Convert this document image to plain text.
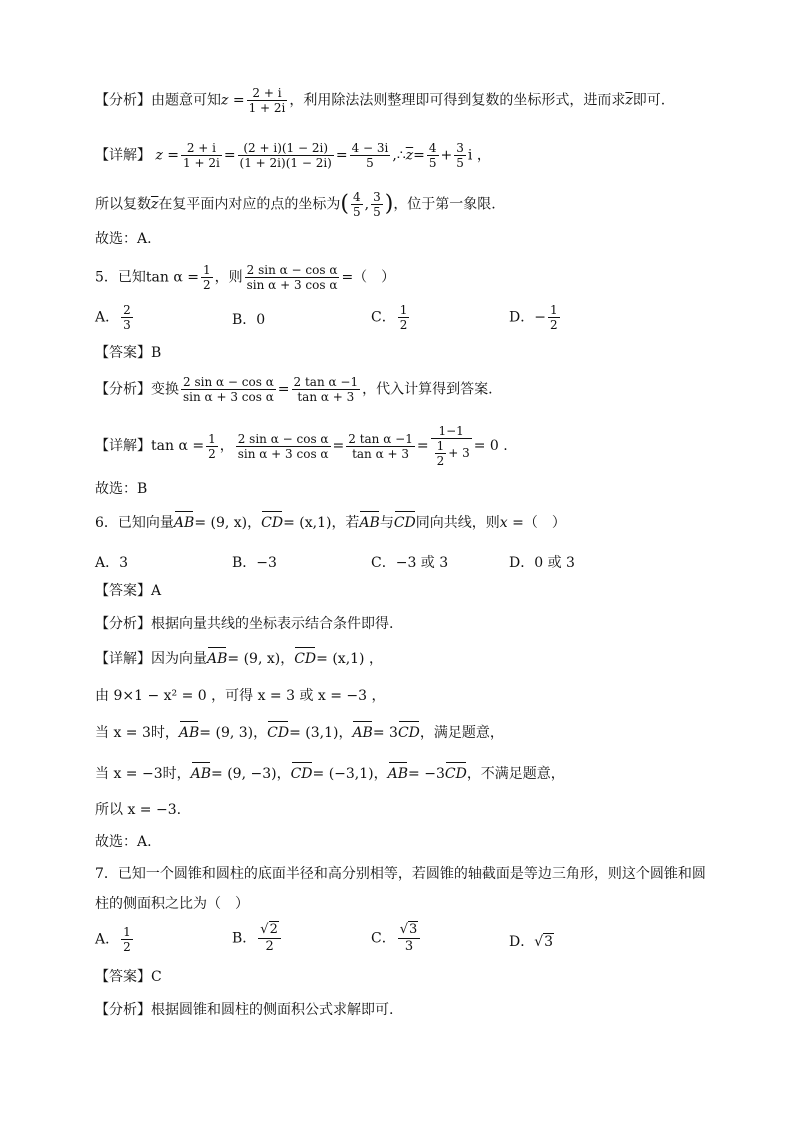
【分析】由题意可知$z = \frac{2 + i}{1 + 2i}$ ，利用除法法则整理即可得到复数的坐标形式，进而求$\overline{z}$即可.
【详解】 $z = \frac{2 + i}{1 + 2i} = \frac{(2 + i)(1 - 2i)}{(1 + 2i)(1 - 2i)} = \frac{4 - 3i}{5}$ $,\therefore\overline{z}= \frac{4}{5} + \frac{3}{5}$ i ，
所以复数$\overline{z}$在复平面内对应的点的坐标为( $\frac{4}{5}$ , $\frac{3}{5}$ )，位于第一象限.
故选：A.
5．已知$\tan \alpha = \frac{1}{2}$ ，则 $\frac{\text{2 sin α − cos α}}{\text{sin α + 3 cos α}}$ =（　）
A． $\frac{2}{3}$	B．0	C． $\frac{1}{2}$	D．− $\frac{1}{2}$
【答案】B
【分析】变换 $\frac{\text{2 sin α − cos α}}{\text{sin α + 3 cos α}} = \frac{\text{2 tan α −1}}{\text{tan α + 3}}$ ，代入计算得到答案.
【详解】$\tan \alpha = \frac{1}{2}$ ， $\frac{\text{2 sin α − cos α}}{\text{sin α + 3 cos α}} = \frac{\text{2 tan α −1}}{\text{tan α + 3}} = \frac{1-1}{\frac{1}{2} + 3} = 0$ .
故选：B
6．已知向量AB= (9, x)，CD= (x,1)，若AB与CD同向共线，则x =（　）
A．3	B．−3	C．−3 或 3	D．0 或 3
【答案】A
【分析】根据向量共线的坐标表示结合条件即得.
【详解】因为向量AB= (9, x)，CD= (x,1) ，
由 9×1 − x² = 0 ，可得 x = 3 或 x = −3 ，
当 x = 3时，AB= (9, 3)，CD= (3,1)，AB= 3CD，满足题意，
当 x = −3时，AB= (9, −3)，CD= (−3,1)，AB= −3CD，不满足题意，
所以 x = −3.
故选：A.
7．已知一个圆锥和圆柱的底面半径和高分别相等，若圆锥的轴截面是等边三角形，则这个圆锥和圆
柱的侧面积之比为（　）
A． $\frac{1}{2}$	B． $\frac{√2}{2}$	C． $\frac{√3}{3}$	D．√3
【答案】C
【分析】根据圆锥和圆柱的侧面积公式求解即可.
